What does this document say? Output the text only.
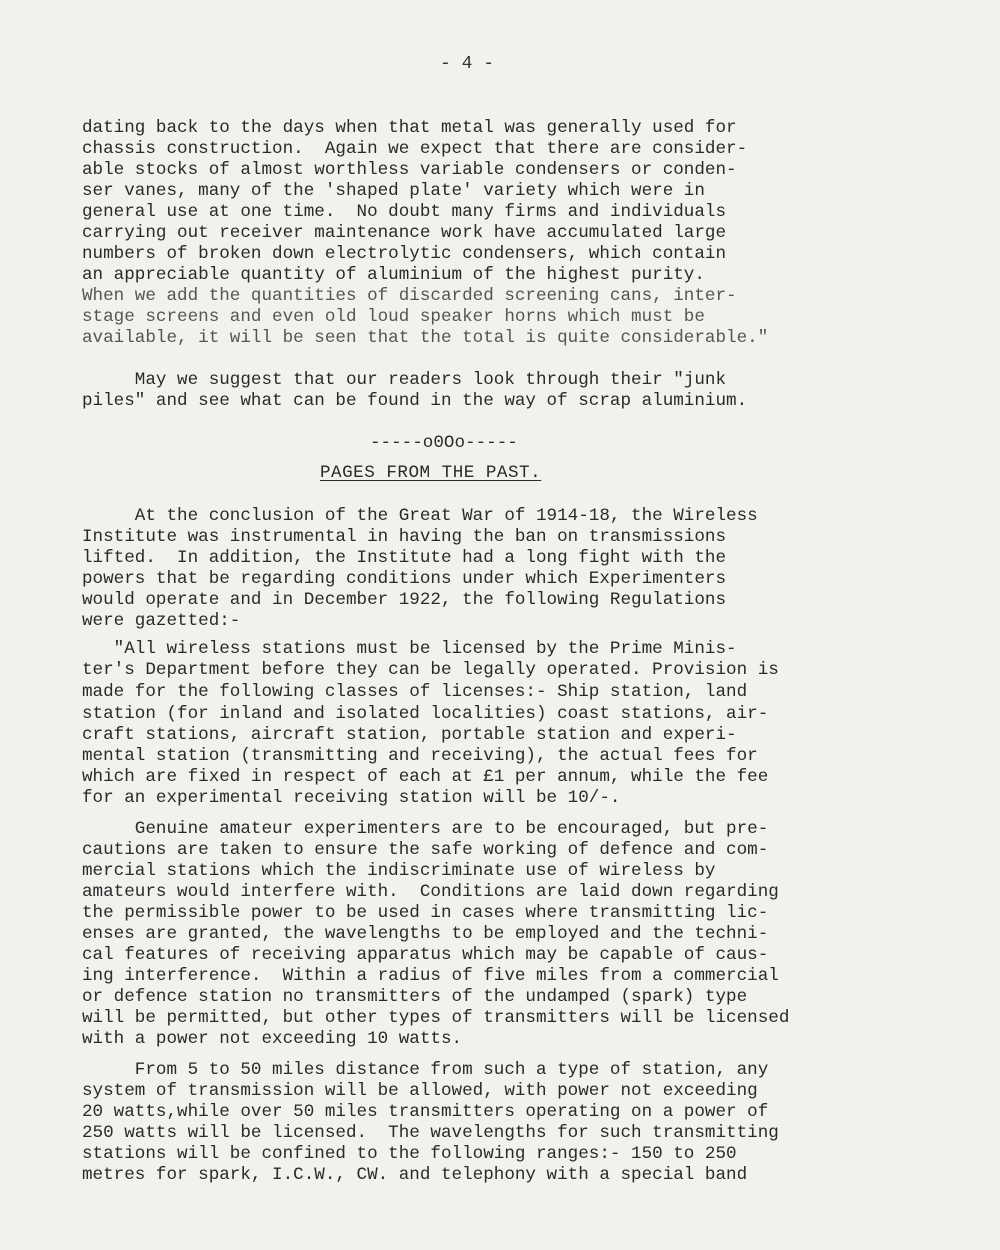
- 4 -
dating back to the days when that metal was generally used for
chassis construction.  Again we expect that there are consider-
able stocks of almost worthless variable condensers or conden-
ser vanes, many of the 'shaped plate' variety which were in
general use at one time.  No doubt many firms and individuals
carrying out receiver maintenance work have accumulated large
numbers of broken down electrolytic condensers, which contain
an appreciable quantity of aluminium of the highest purity.
When we add the quantities of discarded screening cans, inter-
stage screens and even old loud speaker horns which must be
available, it will be seen that the total is quite considerable."
May we suggest that our readers look through their "junk
piles" and see what can be found in the way of scrap aluminium.
-----o0Oo-----
PAGES FROM THE PAST.
At the conclusion of the Great War of 1914-18, the Wireless
Institute was instrumental in having the ban on transmissions
lifted.  In addition, the Institute had a long fight with the
powers that be regarding conditions under which Experimenters
would operate and in December 1922, the following Regulations
were gazetted:-
"All wireless stations must be licensed by the Prime Minis-
ter's Department before they can be legally operated. Provision is
made for the following classes of licenses:- Ship station, land
station (for inland and isolated localities) coast stations, air-
craft stations, aircraft station, portable station and experi-
mental station (transmitting and receiving), the actual fees for
which are fixed in respect of each at £1 per annum, while the fee
for an experimental receiving station will be 10/-.
Genuine amateur experimenters are to be encouraged, but pre-
cautions are taken to ensure the safe working of defence and com-
mercial stations which the indiscriminate use of wireless by
amateurs would interfere with.  Conditions are laid down regarding
the permissible power to be used in cases where transmitting lic-
enses are granted, the wavelengths to be employed and the techni-
cal features of receiving apparatus which may be capable of caus-
ing interference.  Within a radius of five miles from a commercial
or defence station no transmitters of the undamped (spark) type
will be permitted, but other types of transmitters will be licensed
with a power not exceeding 10 watts.
From 5 to 50 miles distance from such a type of station, any
system of transmission will be allowed, with power not exceeding
20 watts,while over 50 miles transmitters operating on a power of
250 watts will be licensed.  The wavelengths for such transmitting
stations will be confined to the following ranges:- 150 to 250
metres for spark, I.C.W., CW. and telephony with a special band
